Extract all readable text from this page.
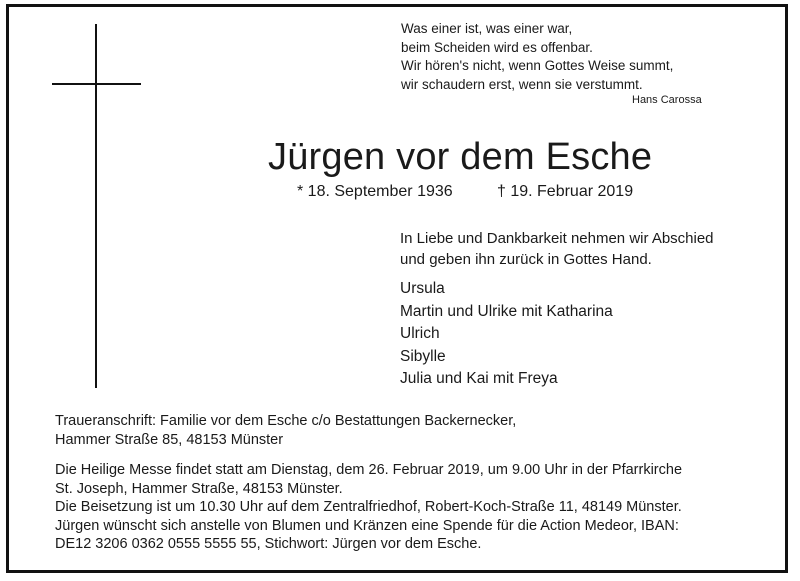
Was einer ist, was einer war,
beim Scheiden wird es offenbar.
Wir hören's nicht, wenn Gottes Weise summt,
wir schaudern erst, wenn sie verstummt.
Hans Carossa
Jürgen vor dem Esche
* 18. September 1936	† 19. Februar 2019
In Liebe und Dankbarkeit nehmen wir Abschied
und geben ihn zurück in Gottes Hand.
Ursula
Martin und Ulrike mit Katharina
Ulrich
Sibylle
Julia und Kai mit Freya
Traueranschrift: Familie vor dem Esche c/o Bestattungen Backernecker,
Hammer Straße 85, 48153 Münster
Die Heilige Messe findet statt am Dienstag, dem 26. Februar 2019, um 9.00 Uhr in der Pfarrkirche
St. Joseph, Hammer Straße, 48153 Münster.
Die Beisetzung ist um 10.30 Uhr auf dem Zentralfriedhof, Robert-Koch-Straße 11, 48149 Münster.
Jürgen wünscht sich anstelle von Blumen und Kränzen eine Spende für die Action Medeor, IBAN:
DE12 3206 0362 0555 5555 55, Stichwort: Jürgen vor dem Esche.
